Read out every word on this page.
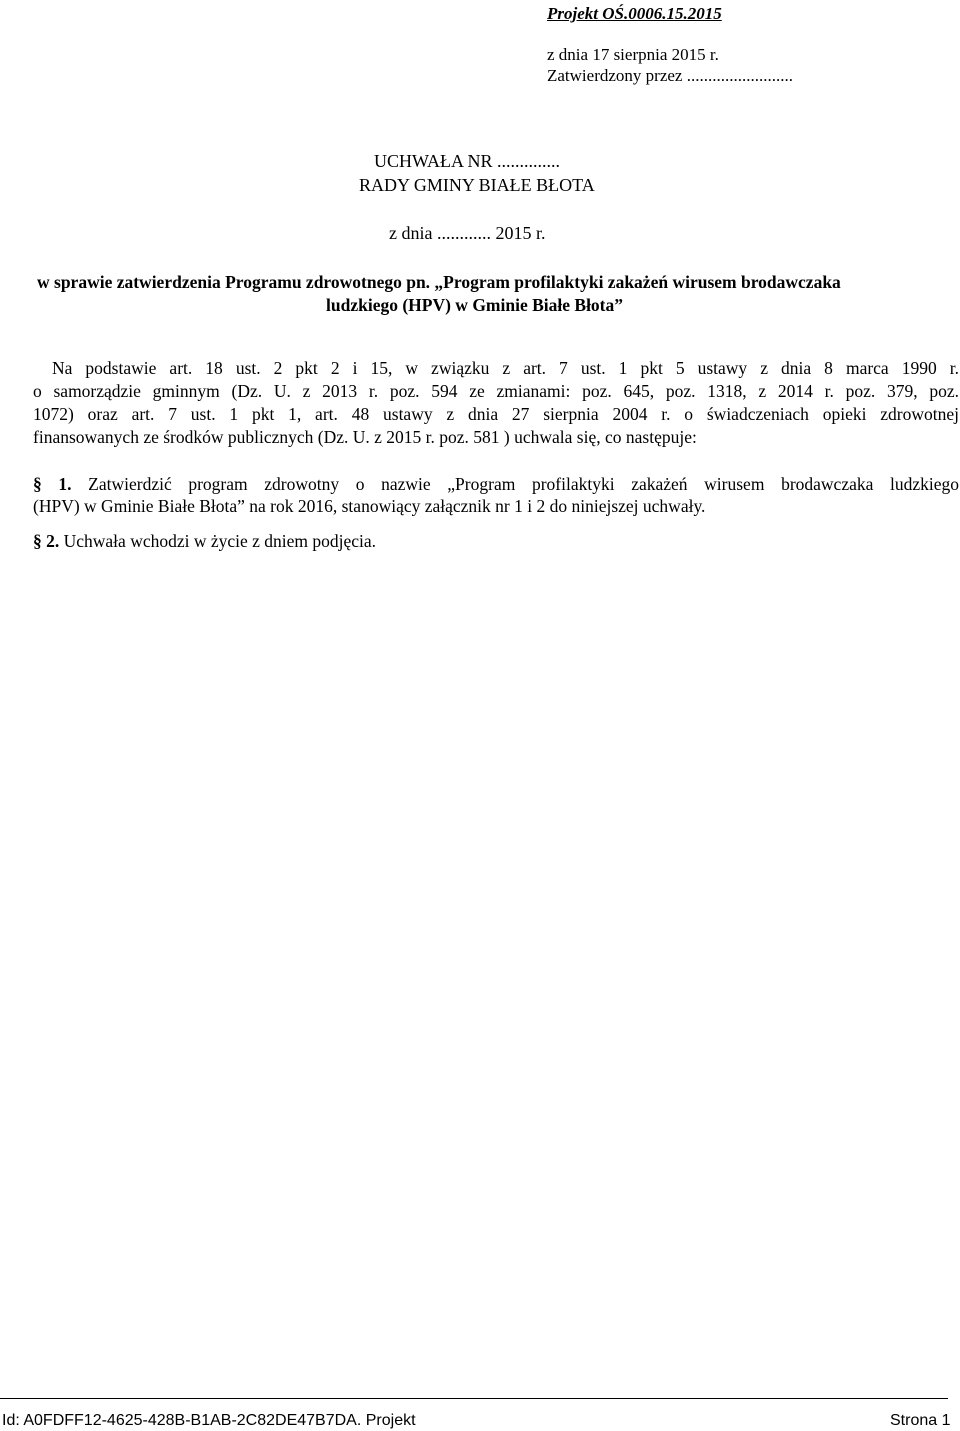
Projekt OŚ.0006.15.2015
z dnia 17 sierpnia 2015 r.
Zatwierdzony przez .........................
UCHWAŁA NR ..............
RADY GMINY BIAŁE BŁOTA
z dnia ............ 2015 r.
w sprawie zatwierdzenia Programu zdrowotnego pn. „Program profilaktyki zakażeń wirusem brodawczaka
ludzkiego (HPV) w Gminie Białe Błota”
Na podstawie art. 18 ust. 2 pkt 2 i 15, w związku z art. 7 ust. 1 pkt 5 ustawy z dnia 8 marca 1990 r.
o samorządzie gminnym (Dz. U. z 2013 r. poz. 594 ze zmianami: poz. 645, poz. 1318, z 2014 r. poz. 379, poz.
1072) oraz art. 7 ust. 1 pkt 1, art. 48 ustawy z dnia 27 sierpnia 2004 r. o świadczeniach opieki zdrowotnej
finansowanych ze środków publicznych (Dz. U. z 2015 r. poz. 581 ) uchwala się, co następuje:
§ 1. Zatwierdzić program zdrowotny o nazwie „Program profilaktyki zakażeń wirusem brodawczaka ludzkiego
(HPV) w Gminie Białe Błota” na rok 2016, stanowiący załącznik nr 1 i 2 do niniejszej uchwały.
§ 2. Uchwała wchodzi w życie z dniem podjęcia.
Id: A0FDFF12-4625-428B-B1AB-2C82DE47B7DA. Projekt	Strona 1
